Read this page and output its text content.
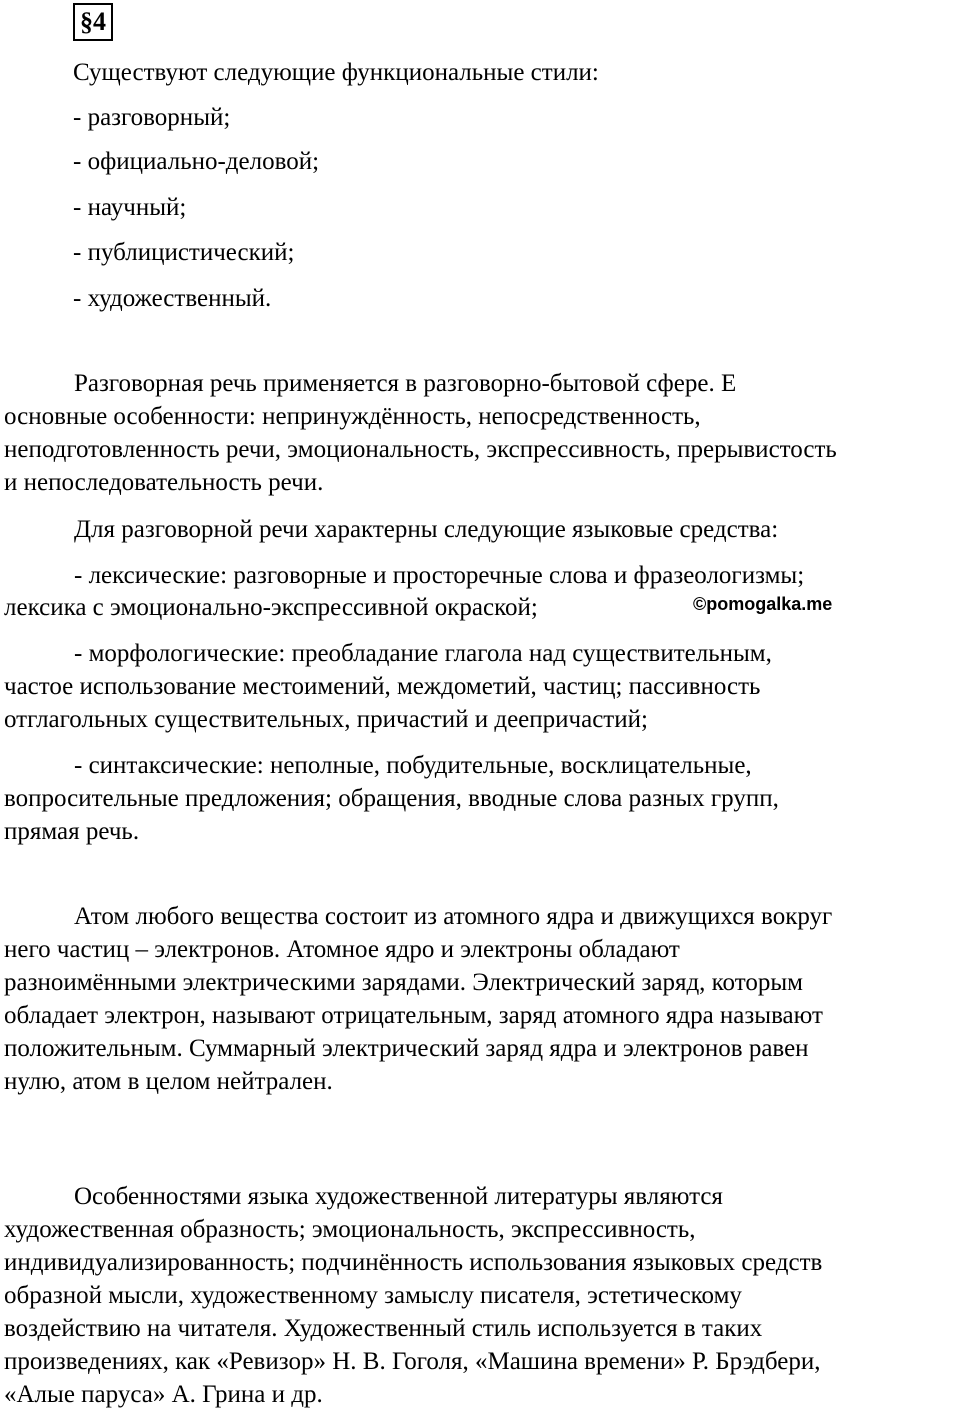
§4
Существуют следующие функциональные стили:
- разговорный;
- официально-деловой;
- научный;
- публицистический;
- художественный.
Разговорная речь применяется в разговорно-бытовой сфере. Е
основные особенности: непринуждённость, непосредственность,
неподготовленность речи, эмоциональность, экспрессивность, прерывистость
и непоследовательность речи.
Для разговорной речи характерны следующие языковые средства:
- лексические: разговорные и просторечные слова и фразеологизмы;
лексика с эмоционально-экспрессивной окраской;	©pomogalka.me
- морфологические: преобладание глагола над существительным,
частое использование местоимений, междометий, частиц; пассивность
отглагольных существительных, причастий и деепричастий;
- синтаксические: неполные, побудительные, восклицательные,
вопросительные предложения; обращения, вводные слова разных групп,
прямая речь.
Атом любого вещества состоит из атомного ядра и движущихся вокруг
него частиц – электронов. Атомное ядро и электроны обладают
разноимёнными электрическими зарядами. Электрический заряд, которым
обладает электрон, называют отрицательным, заряд атомного ядра называют
положительным. Суммарный электрический заряд ядра и электронов равен
нулю, атом в целом нейтрален.
Особенностями языка художественной литературы являются
художественная образность; эмоциональность, экспрессивность,
индивидуализированность; подчинённость использования языковых средств
образной мысли, художественному замыслу писателя, эстетическому
воздействию на читателя. Художественный стиль используется в таких
произведениях, как «Ревизор» Н. В. Гоголя, «Машина времени» Р. Брэдбери,
«Алые паруса» А. Грина и др.
